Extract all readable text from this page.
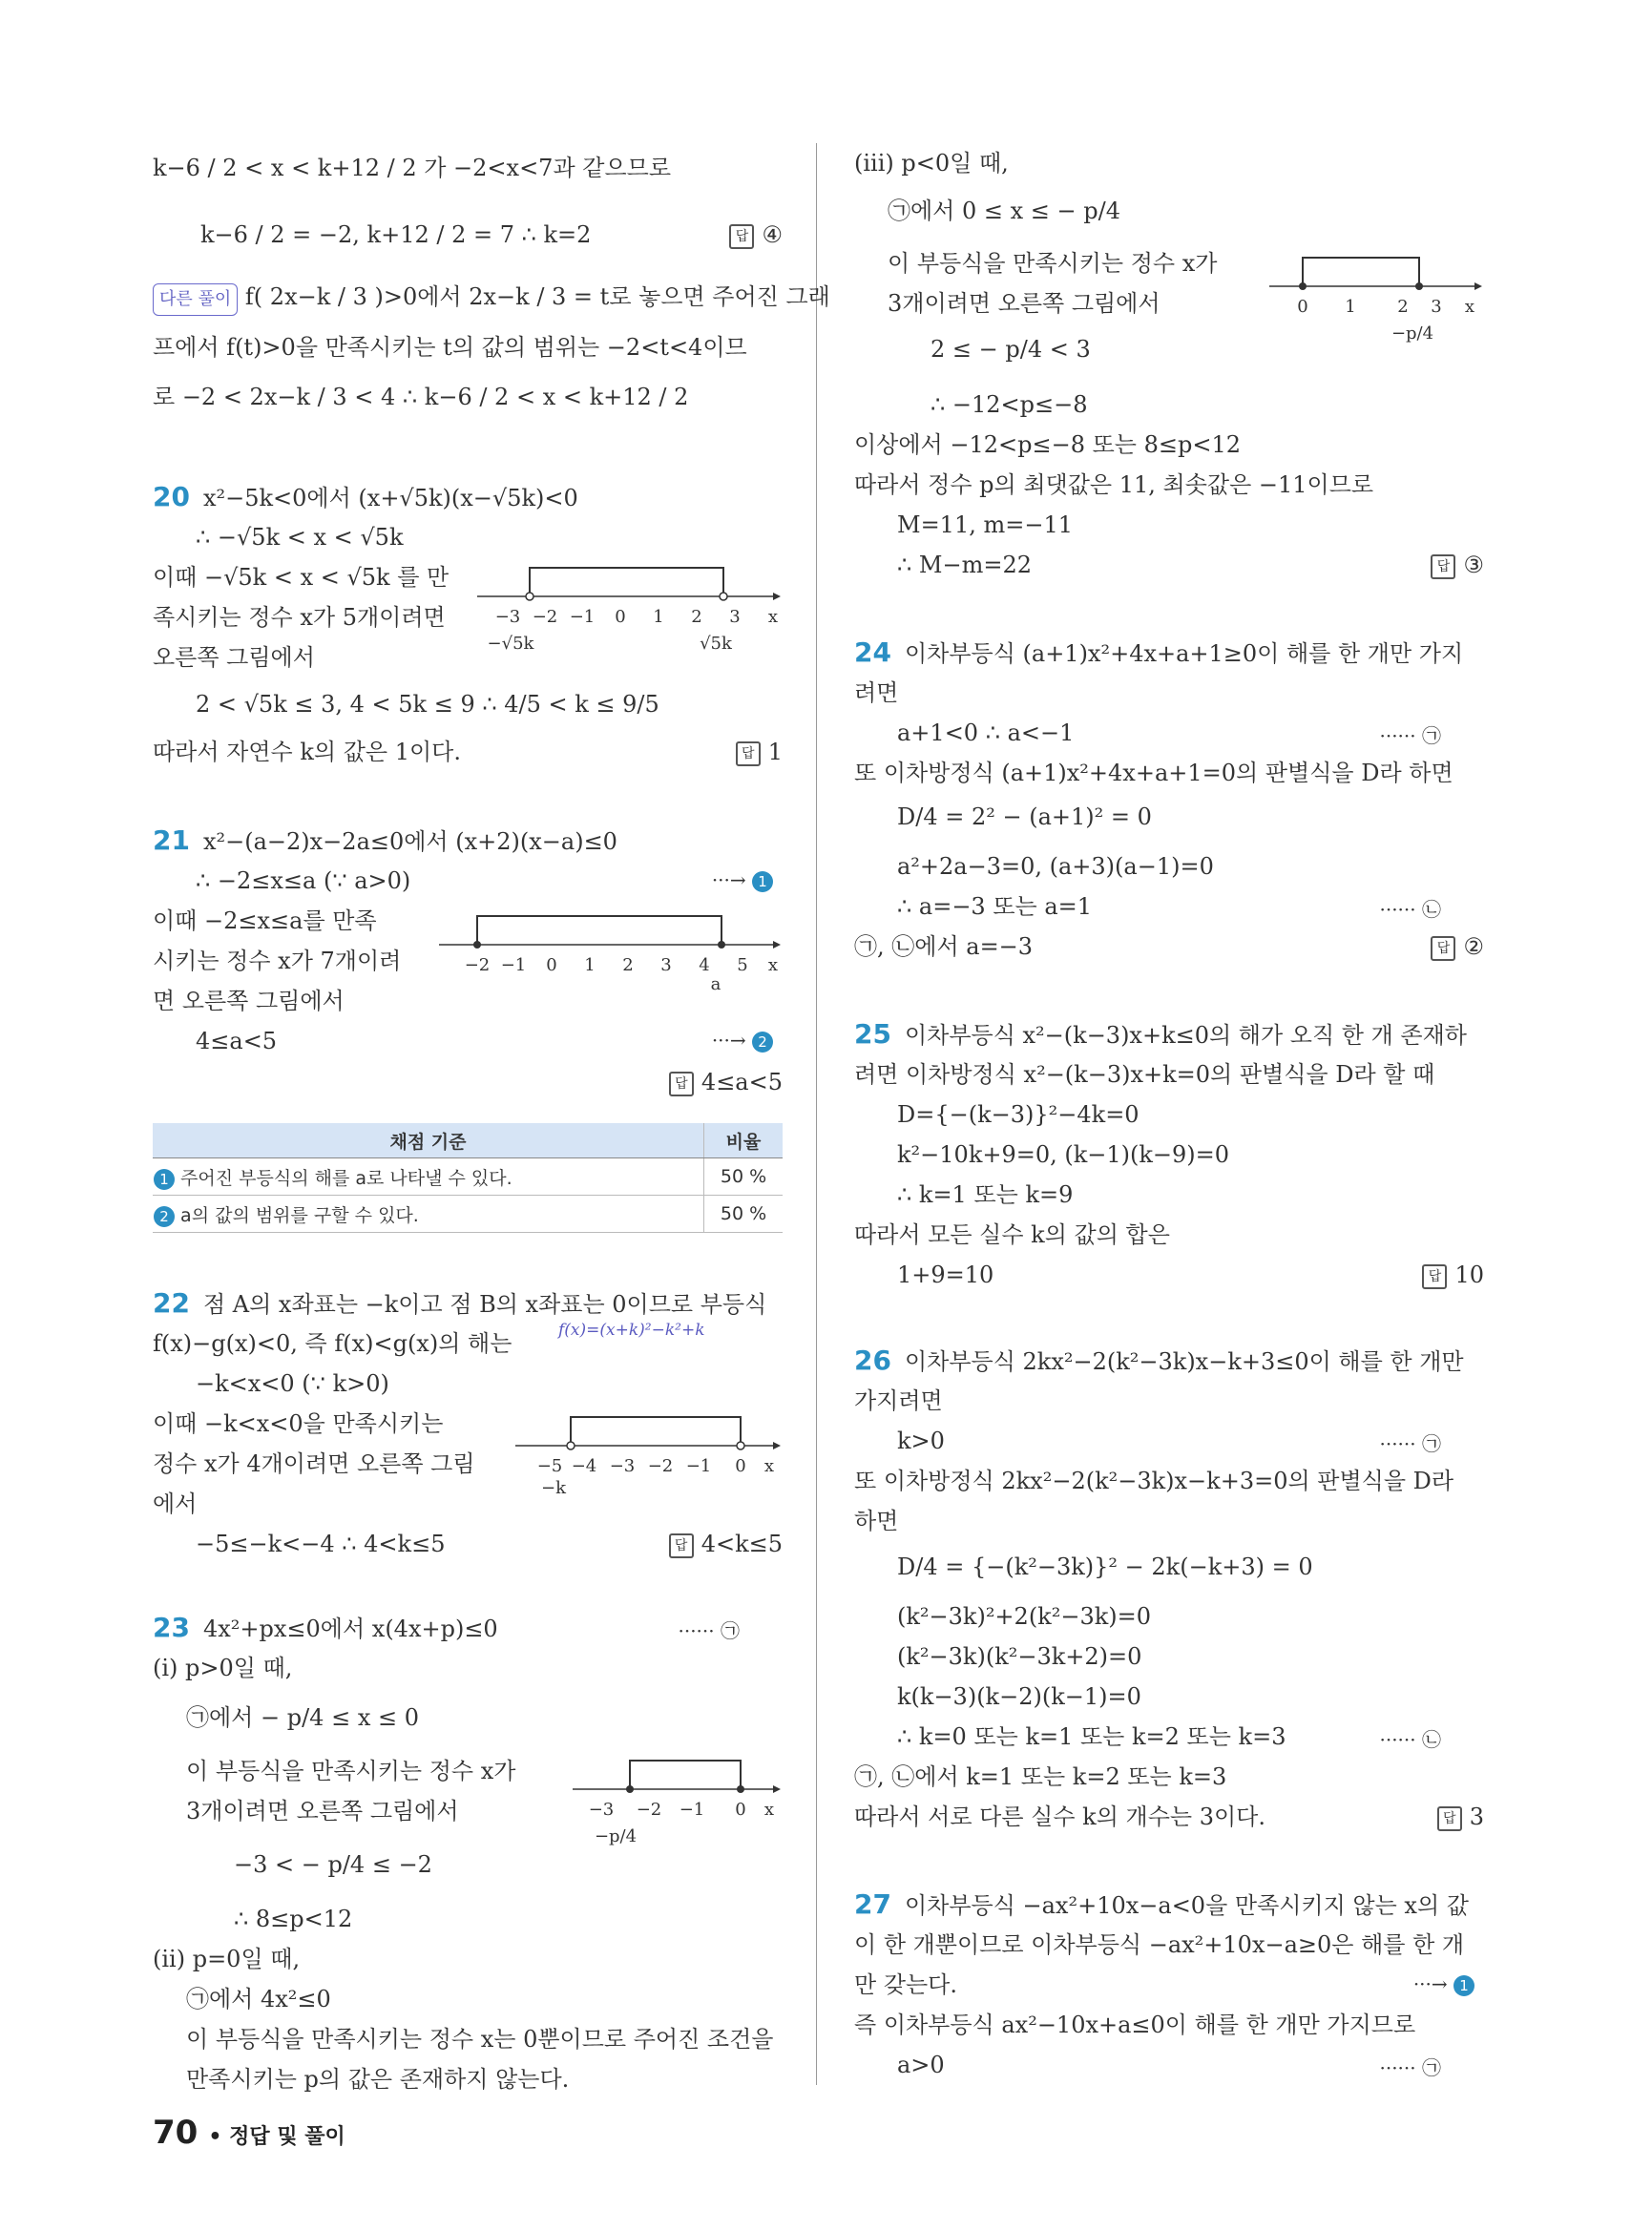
k−6 / 2 < x < k+12 / 2 가 −2<x<7과 같으므로
k−6 / 2 = −2, k+12 / 2 = 7 ∴ k=2	답 ④
다른 풀이 f( 2x−k / 3 )>0에서 2x−k / 3 = t로 놓으면 주어진 그래
프에서 f(t)>0을 만족시키는 t의 값의 범위는 −2<t<4이므
로 −2 < 2x−k / 3 < 4 ∴ k−6 / 2 < x < k+12 / 2
20 x²−5k<0에서 (x+√5k)(x−√5k)<0
∴ −√5k < x < √5k
이때 −√5k < x < √5k 를 만
족시키는 정수 x가 5개이려면
오른쪽 그림에서
−3 −2 −1 0 1 2 3 x
−√5k	√5k
2 < √5k ≤ 3, 4 < 5k ≤ 9 ∴ 4/5 < k ≤ 9/5
따라서 자연수 k의 값은 1이다.	답 1
21 x²−(a−2)x−2a≤0에서 (x+2)(x−a)≤0
∴ −2≤x≤a (∵ a>0)	···→ 1
이때 −2≤x≤a를 만족
시키는 정수 x가 7개이려
면 오른쪽 그림에서
−2 −1 0 1 2 3 4 5 x
a
4≤a<5	···→ 2
답 4≤a<5
채점 기준	비율
1 주어진 부등식의 해를 a로 나타낼 수 있다.	50 %
2 a의 값의 범위를 구할 수 있다.	50 %
22 점 A의 x좌표는 −k이고 점 B의 x좌표는 0이므로 부등식
f(x)−g(x)<0, 즉 f(x)<g(x)의 해는	f(x)=(x+k)²−k²+k
−k<x<0 (∵ k>0)
이때 −k<x<0을 만족시키는
정수 x가 4개이려면 오른쪽 그림
에서
−5 −4 −3 −2 −1 0 x
−k
−5≤−k<−4 ∴ 4<k≤5	답 4<k≤5
23 4x²+px≤0에서 x(4x+p)≤0	······ ㉠
(i) p>0일 때,
㉠에서 − p/4 ≤ x ≤ 0
이 부등식을 만족시키는 정수 x가
3개이려면 오른쪽 그림에서	−3 −2 −1 0 x
−p/4
−3 < − p/4 ≤ −2
∴ 8≤p<12
(ii) p=0일 때,
㉠에서 4x²≤0
이 부등식을 만족시키는 정수 x는 0뿐이므로 주어진 조건을
만족시키는 p의 값은 존재하지 않는다.
(iii) p<0일 때,
㉠에서 0 ≤ x ≤ − p/4
이 부등식을 만족시키는 정수 x가
3개이려면 오른쪽 그림에서	0 1 2 3 x
−p/4
2 ≤ − p/4 < 3
∴ −12<p≤−8
이상에서 −12<p≤−8 또는 8≤p<12
따라서 정수 p의 최댓값은 11, 최솟값은 −11이므로
M=11, m=−11
∴ M−m=22	답 ③
24 이차부등식 (a+1)x²+4x+a+1≥0이 해를 한 개만 가지
려면
a+1<0 ∴ a<−1	······ ㉠
또 이차방정식 (a+1)x²+4x+a+1=0의 판별식을 D라 하면
D/4 = 2² − (a+1)² = 0
a²+2a−3=0, (a+3)(a−1)=0
∴ a=−3 또는 a=1	······ ㉡
㉠, ㉡에서 a=−3	답 ②
25 이차부등식 x²−(k−3)x+k≤0의 해가 오직 한 개 존재하
려면 이차방정식 x²−(k−3)x+k=0의 판별식을 D라 할 때
D={−(k−3)}²−4k=0
k²−10k+9=0, (k−1)(k−9)=0
∴ k=1 또는 k=9
따라서 모든 실수 k의 값의 합은
1+9=10	답 10
26 이차부등식 2kx²−2(k²−3k)x−k+3≤0이 해를 한 개만
가지려면
k>0	······ ㉠
또 이차방정식 2kx²−2(k²−3k)x−k+3=0의 판별식을 D라
하면
D/4 = {−(k²−3k)}² − 2k(−k+3) = 0
(k²−3k)²+2(k²−3k)=0
(k²−3k)(k²−3k+2)=0
k(k−3)(k−2)(k−1)=0
∴ k=0 또는 k=1 또는 k=2 또는 k=3	······ ㉡
㉠, ㉡에서 k=1 또는 k=2 또는 k=3
따라서 서로 다른 실수 k의 개수는 3이다.	답 3
27 이차부등식 −ax²+10x−a<0을 만족시키지 않는 x의 값
이 한 개뿐이므로 이차부등식 −ax²+10x−a≥0은 해를 한 개
만 갖는다.	···→ 1
즉 이차부등식 ax²−10x+a≤0이 해를 한 개만 가지므로
a>0	······ ㉠
70 • 정답 및 풀이
